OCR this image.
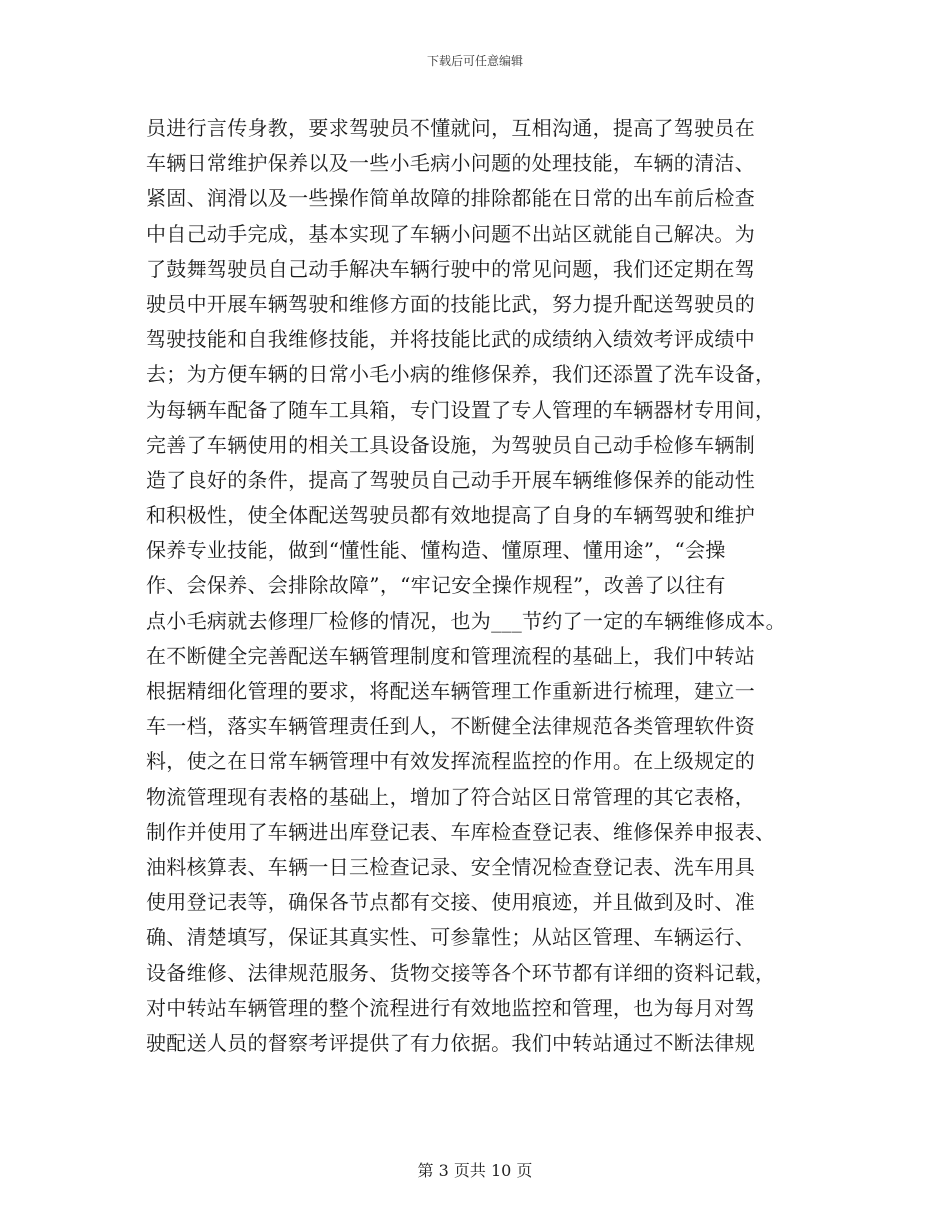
下载后可任意编辑
员进行言传身教，要求驾驶员不懂就问，互相沟通，提高了驾驶员在
车辆日常维护保养以及一些小毛病小问题的处理技能，车辆的清洁、
紧固、润滑以及一些操作简单故障的排除都能在日常的出车前后检查
中自己动手完成，基本实现了车辆小问题不出站区就能自己解决。为
了鼓舞驾驶员自己动手解决车辆行驶中的常见问题，我们还定期在驾
驶员中开展车辆驾驶和维修方面的技能比武，努力提升配送驾驶员的
驾驶技能和自我维修技能，并将技能比武的成绩纳入绩效考评成绩中
去；为方便车辆的日常小毛小病的维修保养，我们还添置了洗车设备，
为每辆车配备了随车工具箱，专门设置了专人管理的车辆器材专用间，
完善了车辆使用的相关工具设备设施，为驾驶员自己动手检修车辆制
造了良好的条件，提高了驾驶员自己动手开展车辆维修保养的能动性
和积极性，使全体配送驾驶员都有效地提高了自身的车辆驾驶和维护
保养专业技能，做到“懂性能、懂构造、懂原理、懂用途”，“会操
作、会保养、会排除故障”，“牢记安全操作规程”，改善了以往有
点小毛病就去修理厂检修的情况，也为___节约了一定的车辆维修成本。
在不断健全完善配送车辆管理制度和管理流程的基础上，我们中转站
根据精细化管理的要求，将配送车辆管理工作重新进行梳理，建立一
车一档，落实车辆管理责任到人，不断健全法律规范各类管理软件资
料，使之在日常车辆管理中有效发挥流程监控的作用。在上级规定的
物流管理现有表格的基础上，增加了符合站区日常管理的其它表格，
制作并使用了车辆进出库登记表、车库检查登记表、维修保养申报表、
油料核算表、车辆一日三检查记录、安全情况检查登记表、洗车用具
使用登记表等，确保各节点都有交接、使用痕迹，并且做到及时、准
确、清楚填写，保证其真实性、可参靠性；从站区管理、车辆运行、
设备维修、法律规范服务、货物交接等各个环节都有详细的资料记载，
对中转站车辆管理的整个流程进行有效地监控和管理，也为每月对驾
驶配送人员的督察考评提供了有力依据。我们中转站通过不断法律规
第 3 页共 10 页
